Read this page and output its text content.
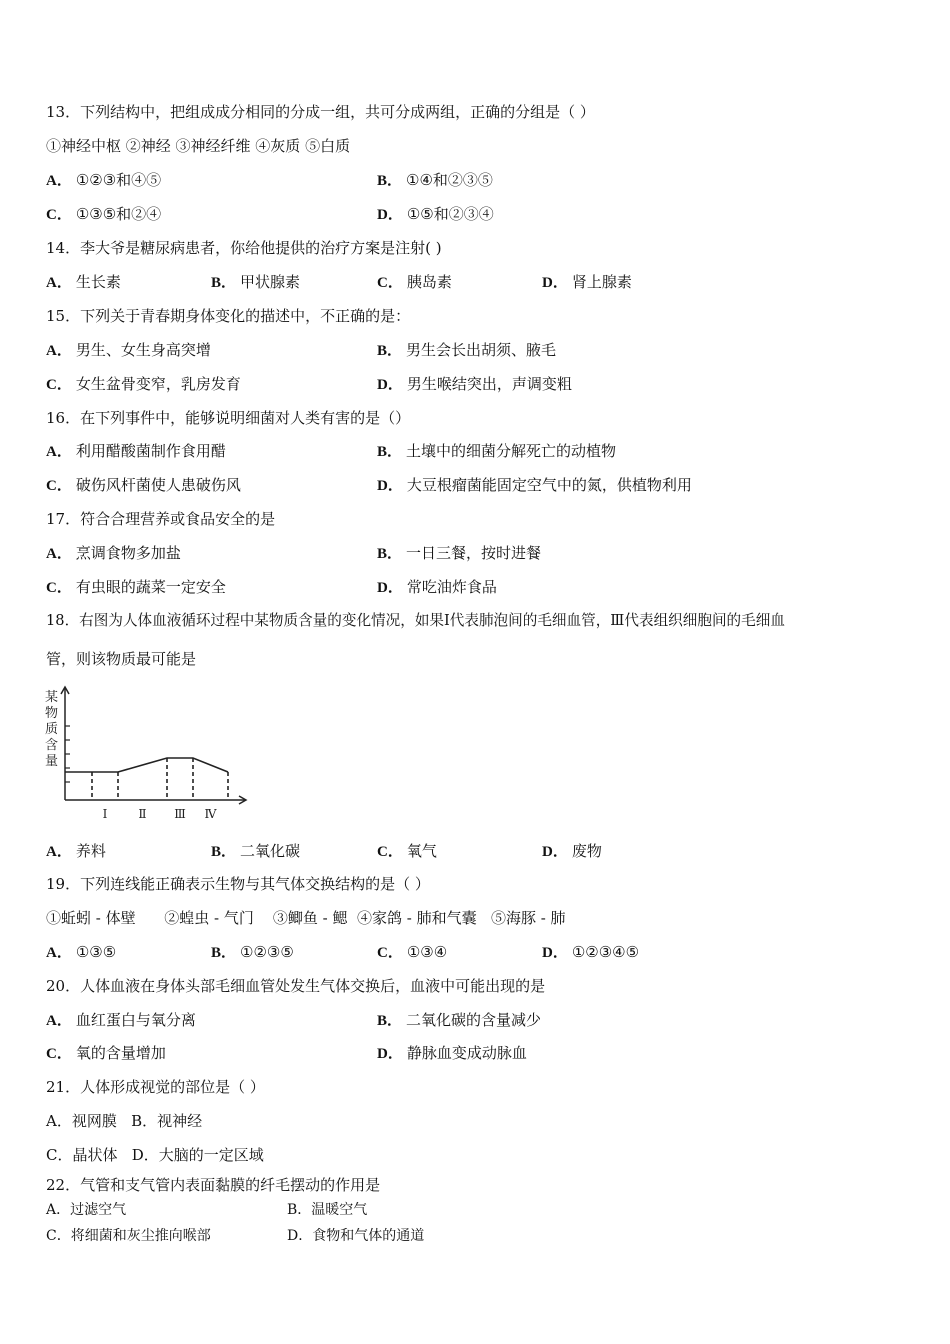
13．下列结构中，把组成成分相同的分成一组，共可分成两组，正确的分组是（ ）
①神经中枢 ②神经 ③神经纤维 ④灰质 ⑤白质
A． ①②③和④⑤	B． ①④和②③⑤
C． ①③⑤和②④	D． ①⑤和②③④
14．李大爷是糖尿病患者，你给他提供的治疗方案是注射( )
A． 生长素	B． 甲状腺素	C． 胰岛素	D． 肾上腺素
15．下列关于青春期身体变化的描述中，不正确的是：
A． 男生、女生身高突增	B． 男生会长出胡须、腋毛
C． 女生盆骨变窄，乳房发育	D． 男生喉结突出，声调变粗
16．在下列事件中，能够说明细菌对人类有害的是（）
A． 利用醋酸菌制作食用醋	B． 土壤中的细菌分解死亡的动植物
C． 破伤风杆菌使人患破伤风	D． 大豆根瘤菌能固定空气中的氮，供植物利用
17．符合合理营养或食品安全的是
A． 烹调食物多加盐	B． 一日三餐，按时进餐
C． 有虫眼的蔬菜一定安全	D． 常吃油炸食品
18．右图为人体血液循环过程中某物质含量的变化情况，如果Ⅰ代表肺泡间的毛细血管，Ⅲ代表组织细胞间的毛细血
管，则该物质最可能是
某
物
质
含
量
Ⅰ	Ⅱ Ⅲ Ⅳ
A． 养料	B． 二氧化碳	C． 氧气	D． 废物
19．下列连线能正确表示生物与其气体交换结构的是（ ）
①蚯蚓 - 体壁      ②蝗虫 - 气门    ③鲫鱼 - 鳃  ④家鸽 - 肺和气囊   ⑤海豚 - 肺
A． ①③⑤	B． ①②③⑤	C． ①③④	D． ①②③④⑤
20．人体血液在身体头部毛细血管处发生气体交换后，血液中可能出现的是
A． 血红蛋白与氧分离	B． 二氧化碳的含量减少
C． 氧的含量增加	D． 静脉血变成动脉血
21．人体形成视觉的部位是（ ）
A．视网膜   B．视神经
C．晶状体   D．大脑的一定区域
22．气管和支气管内表面黏膜的纤毛摆动的作用是
A．过滤空气	B．温暖空气
C．将细菌和灰尘推向喉部	D．食物和气体的通道
